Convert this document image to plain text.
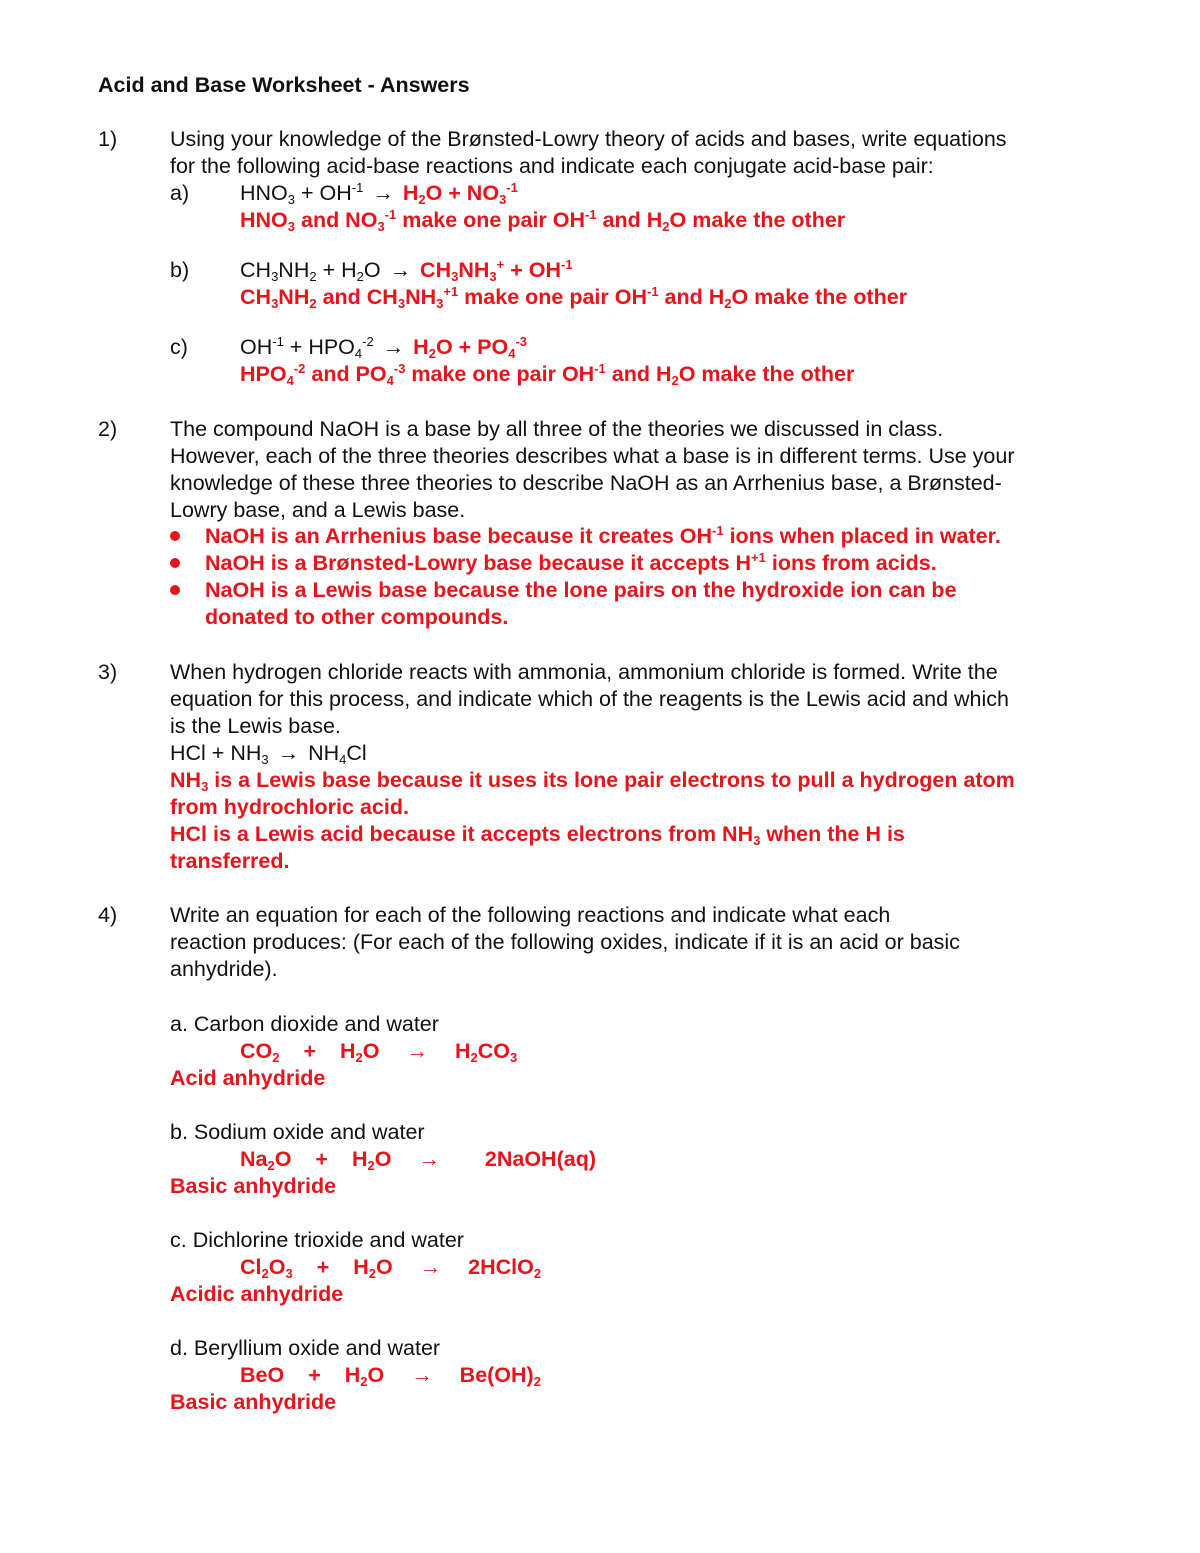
Acid and Base Worksheet - Answers
1) Using your knowledge of the Brønsted-Lowry theory of acids and bases, write equations
for the following acid-base reactions and indicate each conjugate acid-base pair:
a) $HNO_3 + OH^{-1} \to H_2O + NO_3^{-1}$
$HNO_3$ and $NO_3^{-1}$ make one pair $OH^{-1}$ and $H_2O$ make the other
b) $CH_3NH_2 + H_2O \to CH_3NH_3^+ + OH^{-1}$
$CH_3NH_2$ and $CH_3NH_3^{+1}$ make one pair $OH^{-1}$ and $H_2O$ make the other
c) $OH^{-1} + HPO_4^{-2} \to H_2O + PO_4^{-3}$
$HPO_4^{-2}$ and $PO_4^{-3}$ make one pair $OH^{-1}$ and $H_2O$ make the other
2) The compound NaOH is a base by all three of the theories we discussed in class.
However, each of the three theories describes what a base is in different terms. Use your
knowledge of these three theories to describe NaOH as an Arrhenius base, a Brønsted-
Lowry base, and a Lewis base.
NaOH is an Arrhenius base because it creates $OH^{-1}$ ions when placed in water.
NaOH is a Brønsted-Lowry base because it accepts $H^{+1}$ ions from acids.
NaOH is a Lewis base because the lone pairs on the hydroxide ion can be
donated to other compounds.
3) When hydrogen chloride reacts with ammonia, ammonium chloride is formed. Write the
equation for this process, and indicate which of the reagents is the Lewis acid and which
is the Lewis base.
HCl + $NH_3 \to NH_4Cl$
$NH_3$ is a Lewis base because it uses its lone pair electrons to pull a hydrogen atom
from hydrochloric acid.
HCl is a Lewis acid because it accepts electrons from $NH_3$ when the H is
transferred.
4) Write an equation for each of the following reactions and indicate what each
reaction produces: (For each of the following oxides, indicate if it is an acid or basic
anhydride).
a. Carbon dioxide and water
$CO_2 + H_2O \to H_2CO_3$
Acid anhydride
b. Sodium oxide and water
$Na_2O + H_2O$ → 2NaOH(aq)
Basic anhydride
c. Dichlorine trioxide and water
$Cl_2O_3 + H_2O$ → 2HClO$_2$
Acidic anhydride
d. Beryllium oxide and water
BeO + $H_2O \to Be(OH)_2$
Basic anhydride
